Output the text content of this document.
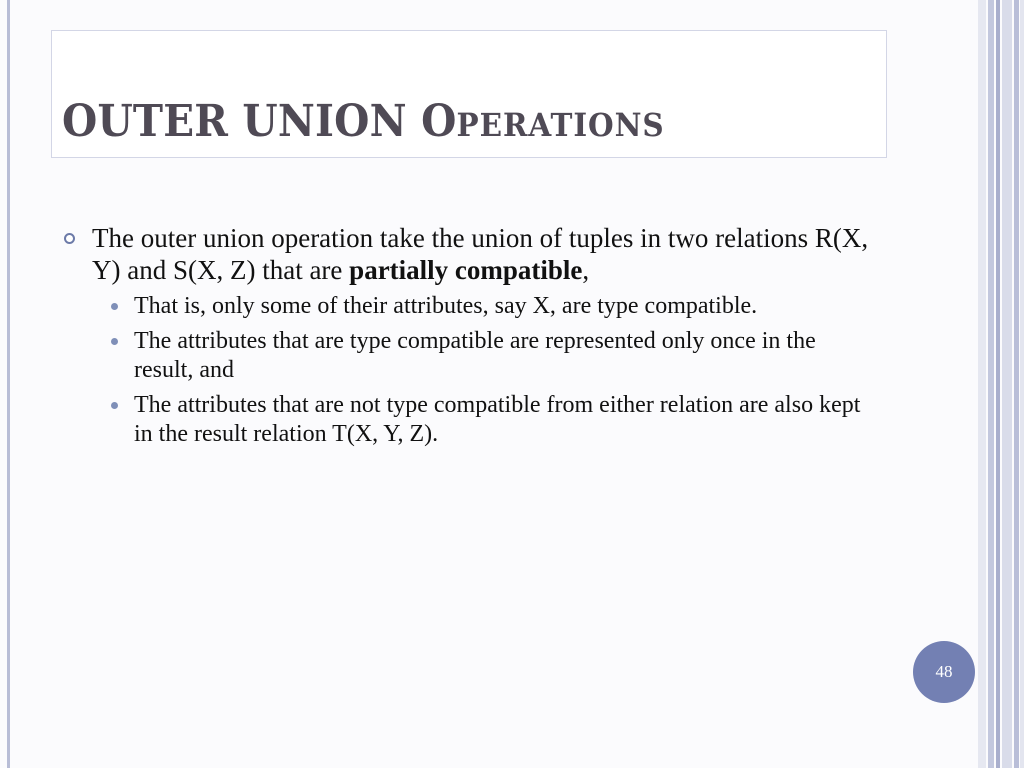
OUTER UNION OPERATIONS
The outer union operation take the union of tuples in two relations R(X, Y) and S(X, Z) that are partially compatible,
That is, only some of their attributes, say X, are type compatible.
The attributes that are type compatible are represented only once in the result, and
The attributes that are not type compatible from either relation are also kept in the result relation T(X, Y, Z).
48
